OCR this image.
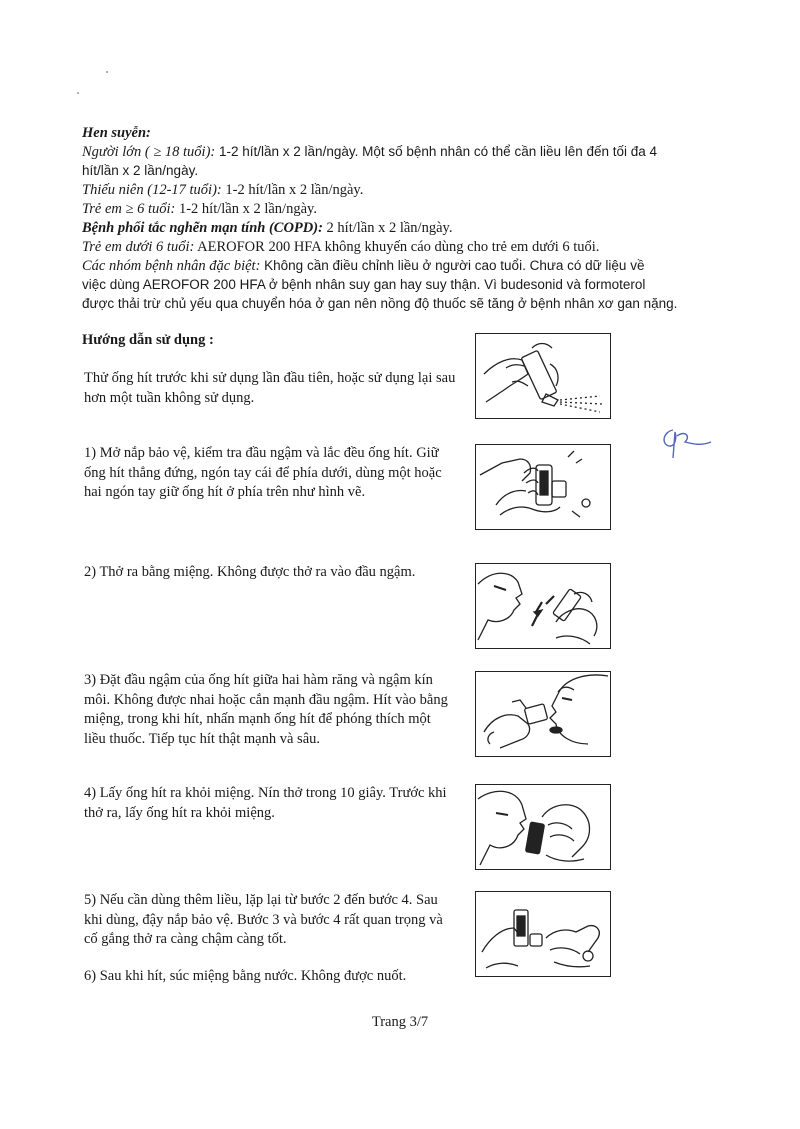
Hen suyễn:
Người lớn ( ≥ 18 tuổi): 1-2 hít/lần x 2 lần/ngày. Một số bệnh nhân có thể cần liều lên đến tối đa 4
hít/lần x 2 lần/ngày.
Thiếu niên (12-17 tuổi): 1-2 hít/lần x 2 lần/ngày.
Trẻ em ≥ 6 tuổi: 1-2 hít/lần x 2 lần/ngày.
Bệnh phổi tắc nghẽn mạn tính (COPD): 2 hít/lần x 2 lần/ngày.
Trẻ em dưới 6 tuổi: AEROFOR 200 HFA không khuyến cáo dùng cho trẻ em dưới 6 tuổi.
Các nhóm bệnh nhân đặc biệt: Không cần điều chỉnh liều ở người cao tuổi. Chưa có dữ liệu về
việc dùng AEROFOR 200 HFA ở bệnh nhân suy gan hay suy thận. Vì budesonid và formoterol
được thải trừ chủ yếu qua chuyển hóa ở gan nên nồng độ thuốc sẽ tăng ở bệnh nhân xơ gan nặng.
Hướng dẫn sử dụng :
Thử ống hít trước khi sử dụng lần đầu tiên, hoặc sử dụng lại sau hơn một tuần không sử dụng.
1) Mở nắp bảo vệ, kiểm tra đầu ngậm và lắc đều ống hít. Giữ ống hít thẳng đứng, ngón tay cái để phía dưới, dùng một hoặc hai ngón tay giữ ống hít ở phía trên như hình vẽ.
2) Thở ra bằng miệng. Không được thở ra vào đầu ngậm.
3) Đặt đầu ngậm của ống hít giữa hai hàm răng và ngậm kín môi. Không được nhai hoặc cắn mạnh đầu ngậm. Hít vào bằng miệng, trong khi hít, nhấn mạnh ống hít để phóng thích một liều thuốc. Tiếp tục hít thật mạnh và sâu.
4) Lấy ống hít ra khỏi miệng. Nín thở trong 10 giây. Trước khi thở ra, lấy ống hít ra khỏi miệng.
5) Nếu cần dùng thêm liều, lặp lại từ bước 2 đến bước 4. Sau khi dùng, đậy nắp bảo vệ. Bước 3 và bước 4 rất quan trọng và cố gắng thở ra càng chậm càng tốt.
6) Sau khi hít, súc miệng bằng nước. Không được nuốt.
Trang 3/7
